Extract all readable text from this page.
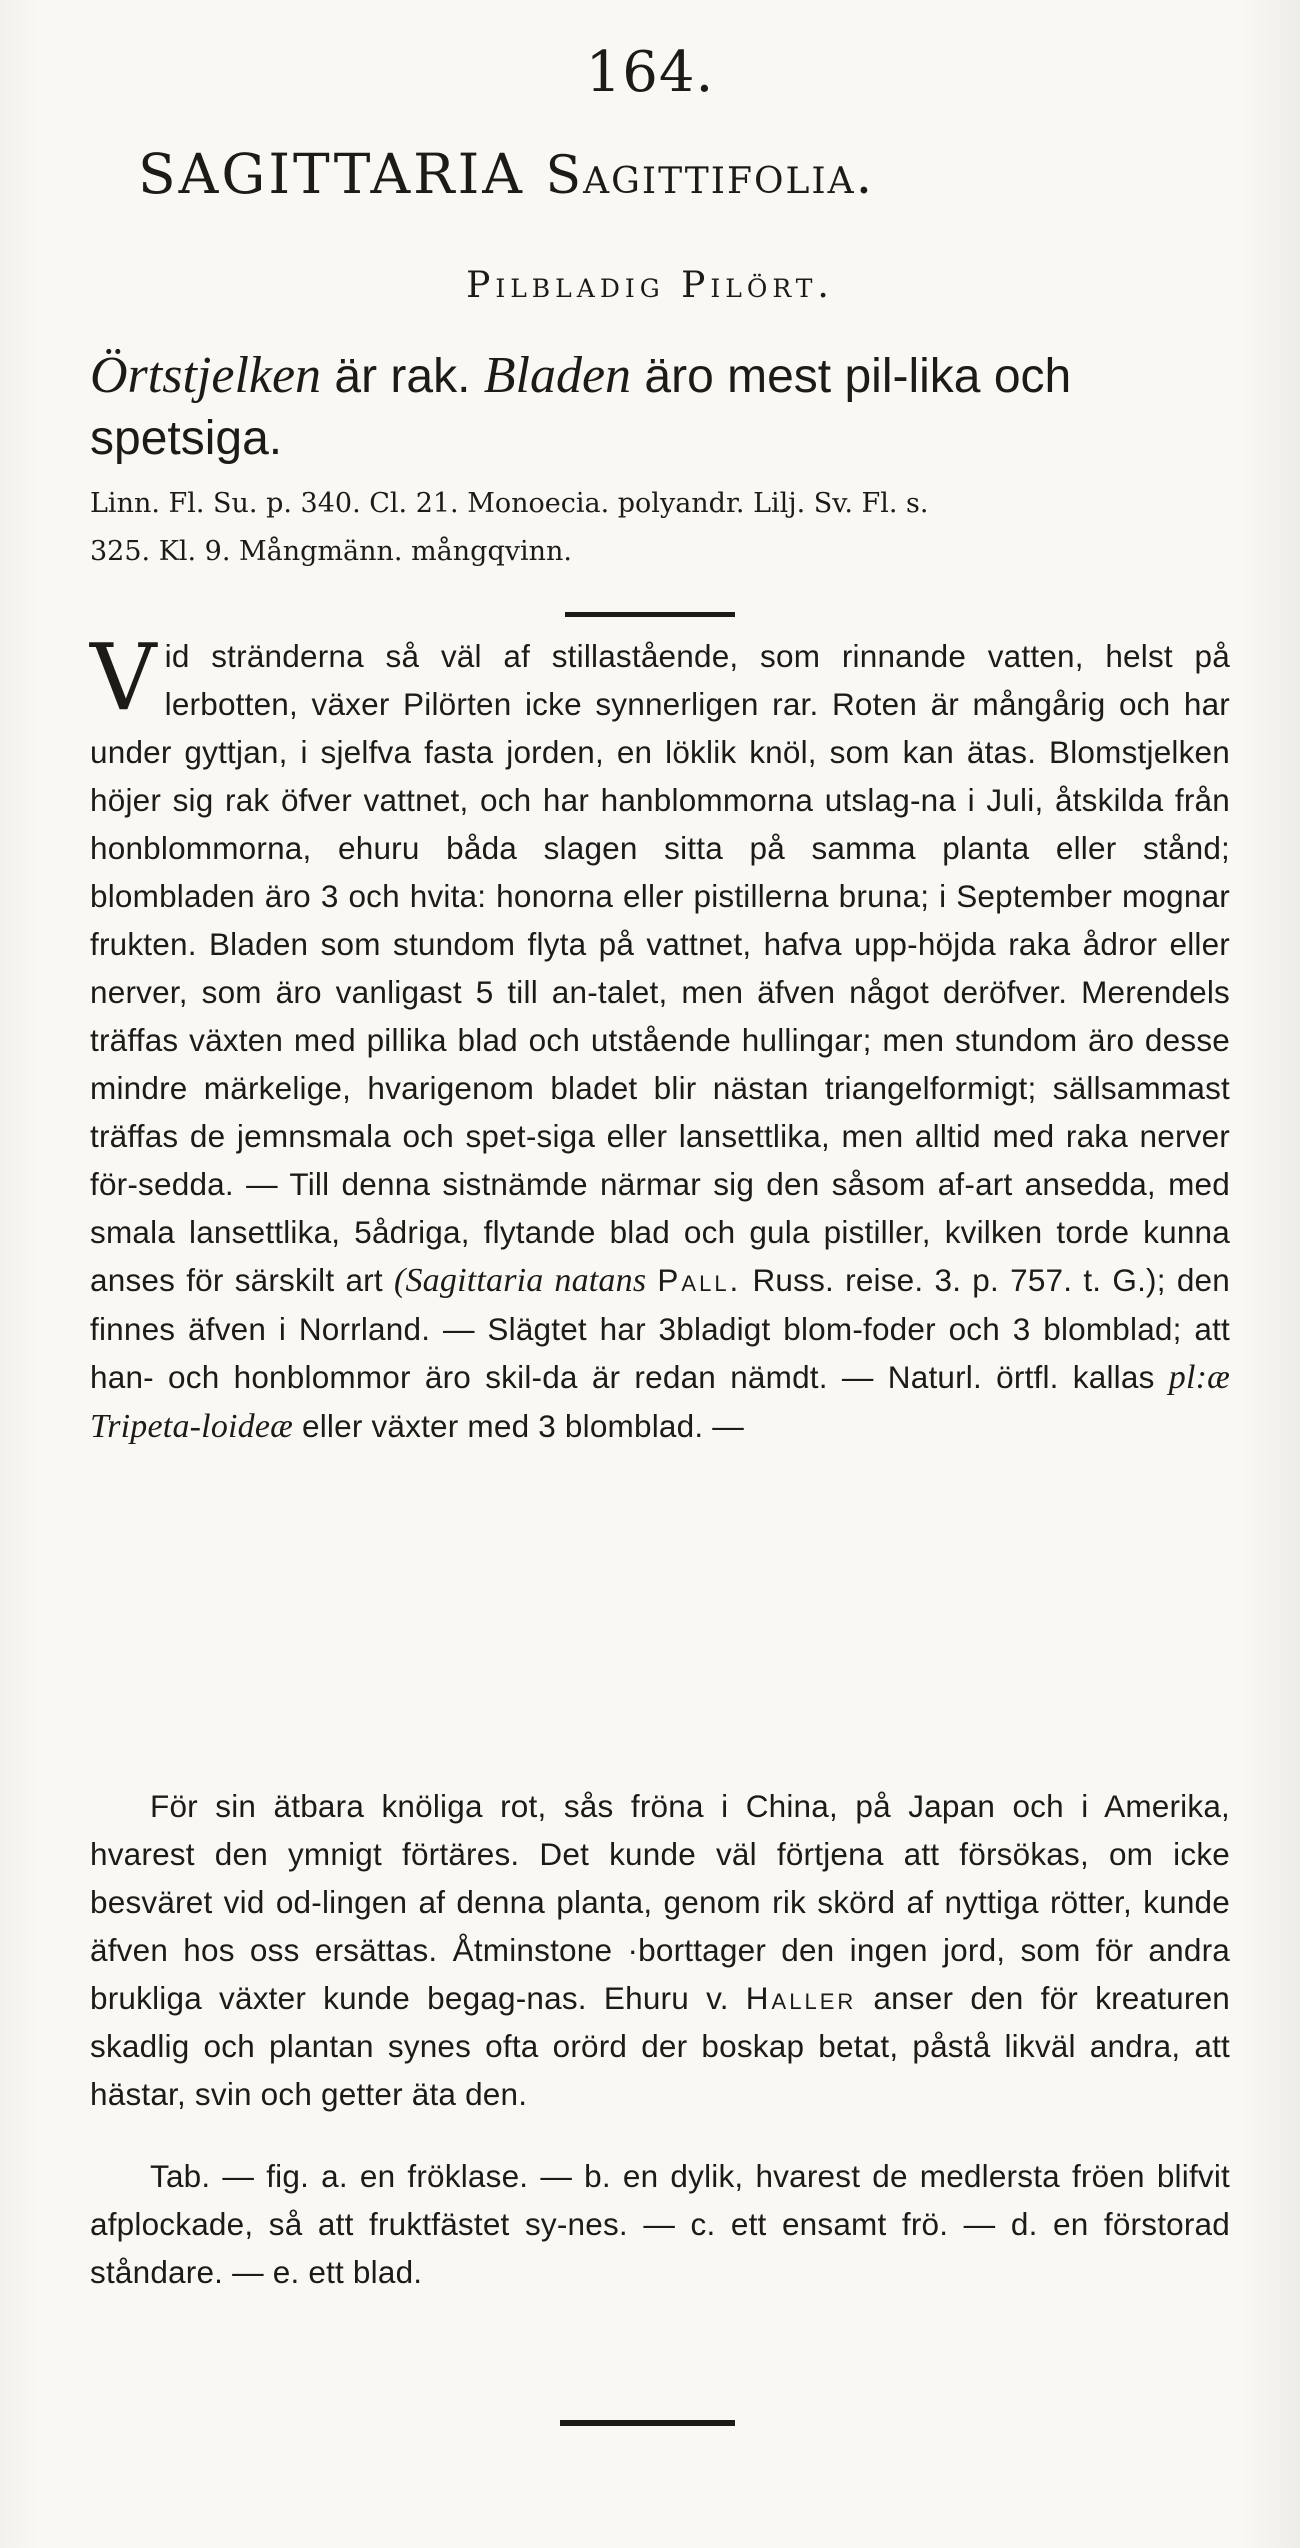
164.
SAGITTARIA Sagittifolia.
Pilbladig Pilört.
Örtstjelken är rak. Bladen äro mest pil-lika och spetsiga.
Linn. Fl. Su. p. 340. Cl. 21. Monoecia. polyandr. Lilj. Sv. Fl. s.
325. Kl. 9. Mångmänn. mångqvinn.

Vid strändernа så väl af stillastående, som rinnande vatten, helst på lerbotten, växer Pilörten icke synnerligen rar. Roten är mångårig och har under gyttjan, i sjelfva fasta jorden, en löklik knöl, som kan ätas. Blomstjelken höjer sig rak öfver vattnet, och har hanblommorna utslag-na i Juli, åtskilda från honblommorna, ehuru båda slagen sitta på samma planta eller stånd; blombladen äro 3 och hvita: honorna eller pistillerna bruna; i September mognar frukten. Bladen som stundom flyta på vattnet, hafva upp-höjda raka ådror eller nerver, som äro vanligast 5 till an-talet, men äfven något deröfver. Merendels träffas växten med pillika blad och utstående hullingar; men stundom äro desse mindre märkelige, hvarigenom bladet blir nästan triangelformigt; sällsammast träffas de jemnsmala och spet-siga eller lansettlika, men alltid med raka nerver för-sedda. — Till denna sistnämde närmar sig den såsom af-art ansedda, med smala lansettlika, 5ådriga, flytande blad och gula pistiller, kvilken torde kunna anses för särskilt art (Sagittaria natans Pall. Russ. reise. 3. p. 757. t. G.); den finnes äfven i Norrland. — Slägtet har 3bladigt blom-foder och 3 blomblad; att han- och honblommor äro skil-da är redan nämdt. — Naturl. örtfl. kallas pl:æ Tripeta-loideæ eller växter med 3 blomblad. —

För sin ätbara knöliga rot, sås fröna i China, på Japan och i Amerika, hvarest den ymnigt förtäres. Det kunde väl förtjena att försökas, om icke besväret vid od-lingen af denna planta, genom rik skörd af nyttiga rötter, kunde äfven hos oss ersättas. Åtminstone ·borttager den ingen jord, som för andra brukliga växter kunde begag-nas. Ehuru v. Haller anser den för kreaturen skadlig och plantan synes ofta orörd der boskap betat, påstå likväl andra, att hästar, svin och getter äta den.

Tab. — fig. a. en fröklase. — b. en dylik, hvarest de medlersta fröen blifvit afplockade, så att fruktfästet sy-nes. — c. ett ensamt frö. — d. en förstorad ståndare. — e. ett blad.
